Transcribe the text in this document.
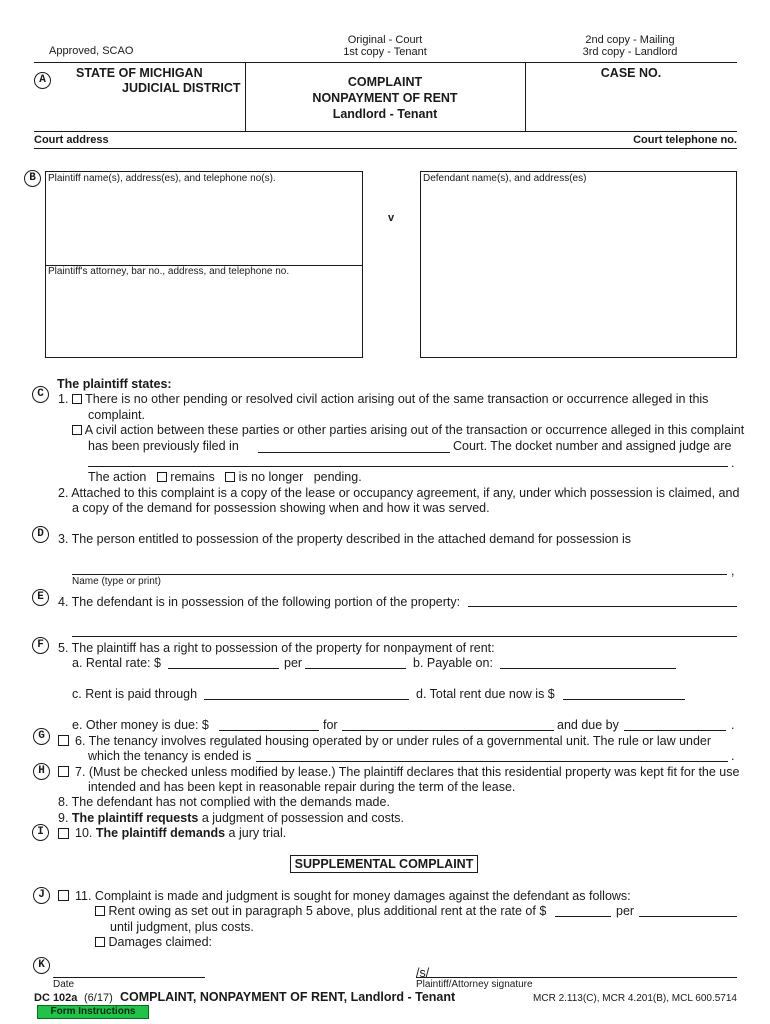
Approved, SCAO
Original - Court
1st copy - Tenant
2nd copy - Mailing
3rd copy - Landlord
A	STATE OF MICHIGAN
JUDICIAL DISTRICT	COMPLAINT
NONPAYMENT OF RENT
Landlord - Tenant
CASE NO.
Court address	Court telephone no.
B	Plaintiff name(s), address(es), and telephone no(s).
Plaintiff's attorney, bar no., address, and telephone no.
v
Defendant name(s), and address(es)
The plaintiff states:
C	1. There is no other pending or resolved civil action arising out of the same transaction or occurrence alleged in this
complaint.
A civil action between these parties or other parties arising out of the transaction or occurrence alleged in this complaint
has been previously filed in	Court. The docket number and assigned judge are
.
The action remains is no longer pending.
2. Attached to this complaint is a copy of the lease or occupancy agreement, if any, under which possession is claimed, and
a copy of the demand for possession showing when and how it was served.
D	3. The person entitled to possession of the property described in the attached demand for possession is
,
Name (type or print)
E	4. The defendant is in possession of the following portion of the property:
F	5. The plaintiff has a right to possession of the property for nonpayment of rent:
a. Rental rate: $	per	b. Payable on:
c. Rent is paid through	d. Total rent due now is $
e. Other money is due: $	for	and due by	.
G	6. The tenancy involves regulated housing operated by or under rules of a governmental unit. The rule or law under
which the tenancy is ended is	.
H	7. (Must be checked unless modified by lease.) The plaintiff declares that this residential property was kept fit for the use
intended and has been kept in reasonable repair during the term of the lease.
8. The defendant has not complied with the demands made.
9. The plaintiff requests a judgment of possession and costs.
I	10. The plaintiff demands a jury trial.
SUPPLEMENTAL COMPLAINT
J	11. Complaint is made and judgment is sought for money damages against the defendant as follows:
Rent owing as set out in paragraph 5 above, plus additional rent at the rate of $	per
until judgment, plus costs.
Damages claimed:
K
/s/
Date	Plaintiff/Attorney signature
DC 102a (6/17) COMPLAINT, NONPAYMENT OF RENT, Landlord - Tenant	MCR 2.113(C), MCR 4.201(B), MCL 600.5714
Form Instructions
